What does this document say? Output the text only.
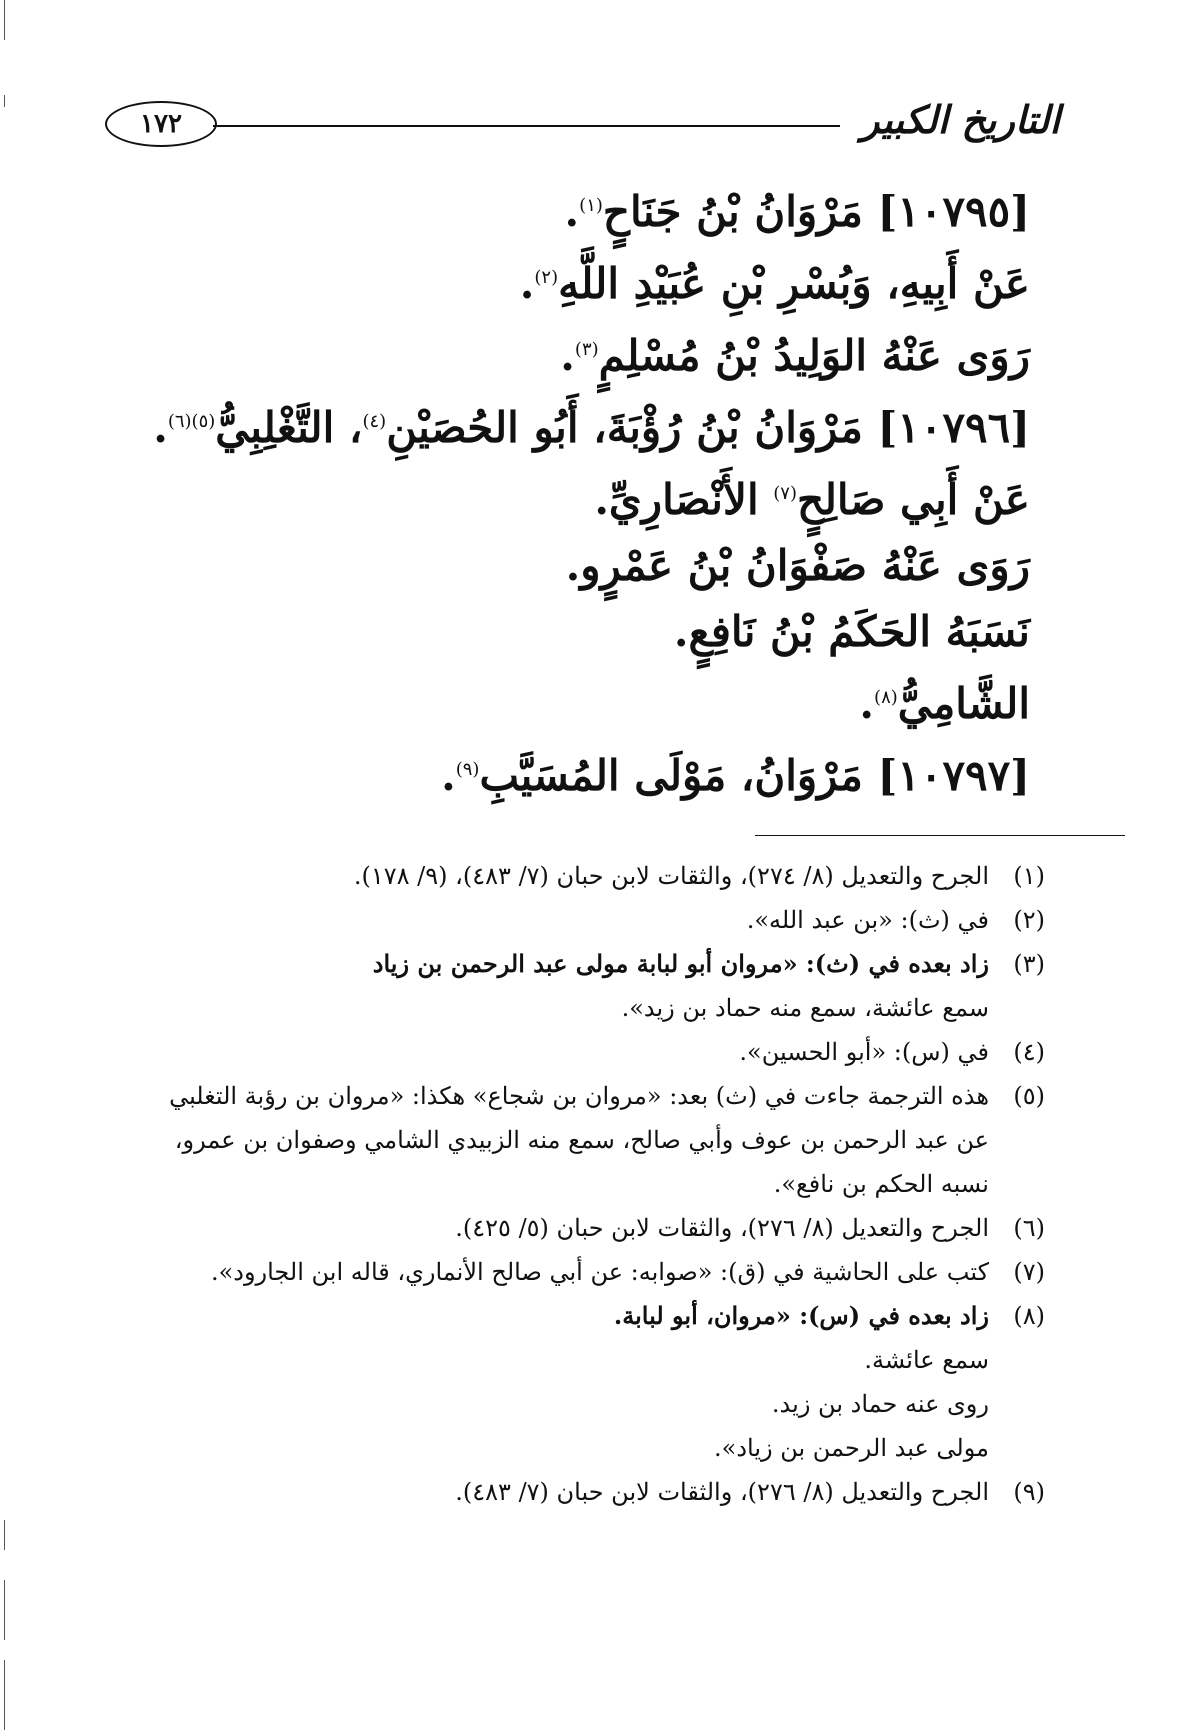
التاريخ الكبير
١٧٢
[١٠٧٩٥] مَرْوَانُ بْنُ جَنَاحٍ$^{(١)}$.
عَنْ أَبِيهِ، وَبُسْرِ بْنِ عُبَيْدِ اللَّهِ$^{(٢)}$.
رَوَى عَنْهُ الوَلِيدُ بْنُ مُسْلِمٍ$^{(٣)}$.
[١٠٧٩٦] مَرْوَانُ بْنُ رُؤْبَةَ، أَبُو الحُصَيْنِ$^{(٤)}$، التَّغْلِبِيُّ$^{(٥)(٦)}$.
عَنْ أَبِي صَالِحٍ$^{(٧)}$ الأَنْصَارِيِّ.
رَوَى عَنْهُ صَفْوَانُ بْنُ عَمْرٍو.
نَسَبَهُ الحَكَمُ بْنُ نَافِعٍ.
الشَّامِيُّ$^{(٨)}$.
[١٠٧٩٧] مَرْوَانُ، مَوْلَى المُسَيَّبِ$^{(٩)}$.
(١)
الجرح والتعديل (٨/ ٢٧٤)، والثقات لابن حبان (٧/ ٤٨٣)، (٩/ ١٧٨).
(٢)
في (ث): «بن عبد الله».
(٣)
زاد بعده في (ث): «مروان أبو لبابة مولى عبد الرحمن بن زياد
سمع عائشة، سمع منه حماد بن زيد».
(٤)
في (س): «أبو الحسين».
(٥)
هذه الترجمة جاءت في (ث) بعد: «مروان بن شجاع» هكذا: «مروان بن رؤبة التغلبي
عن عبد الرحمن بن عوف وأبي صالح، سمع منه الزبيدي الشامي وصفوان بن عمرو،
نسبه الحكم بن نافع».
(٦)
الجرح والتعديل (٨/ ٢٧٦)، والثقات لابن حبان (٥/ ٤٢٥).
(٧)
كتب على الحاشية في (ق): «صوابه: عن أبي صالح الأنماري، قاله ابن الجارود».
(٨)
زاد بعده في (س): «مروان، أبو لبابة.
سمع عائشة.
روى عنه حماد بن زيد.
مولى عبد الرحمن بن زياد».
(٩)
الجرح والتعديل (٨/ ٢٧٦)، والثقات لابن حبان (٧/ ٤٨٣).
